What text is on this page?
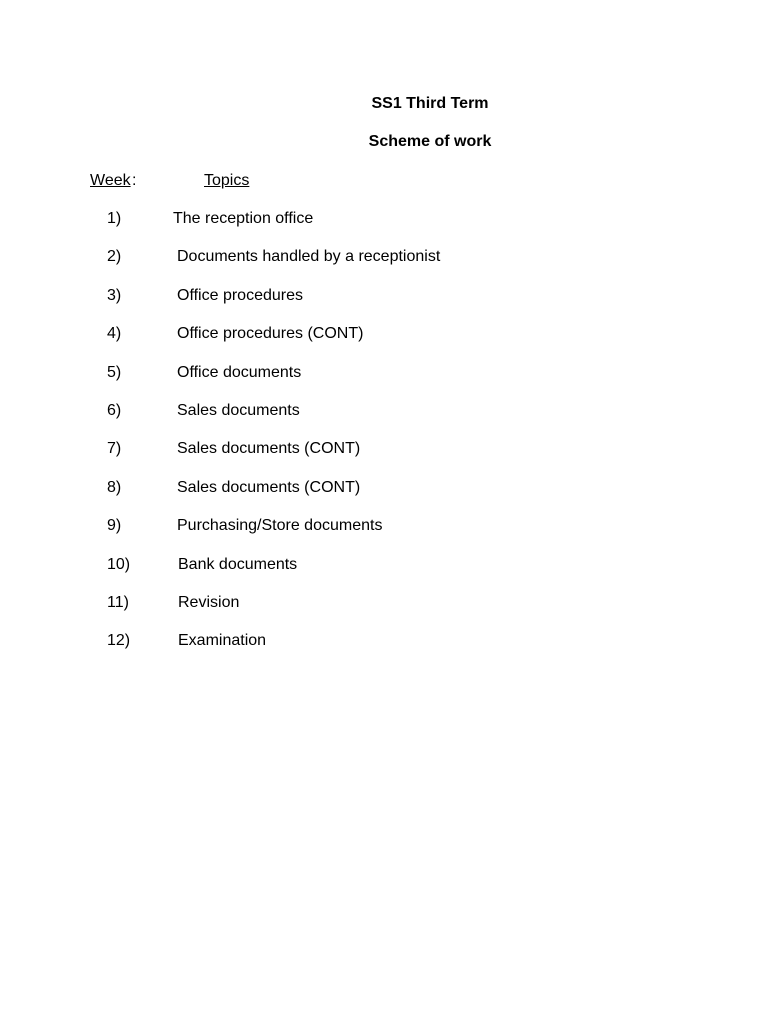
SS1 Third Term
Scheme of work
Week :	Topics
1)	The reception office
2)	Documents handled by a receptionist
3)	Office procedures
4)	Office procedures (CONT)
5)	Office documents
6)	Sales documents
7)	Sales documents (CONT)
8)	Sales documents (CONT)
9)	Purchasing/Store documents
10)	Bank documents
11)	Revision
12)	Examination
